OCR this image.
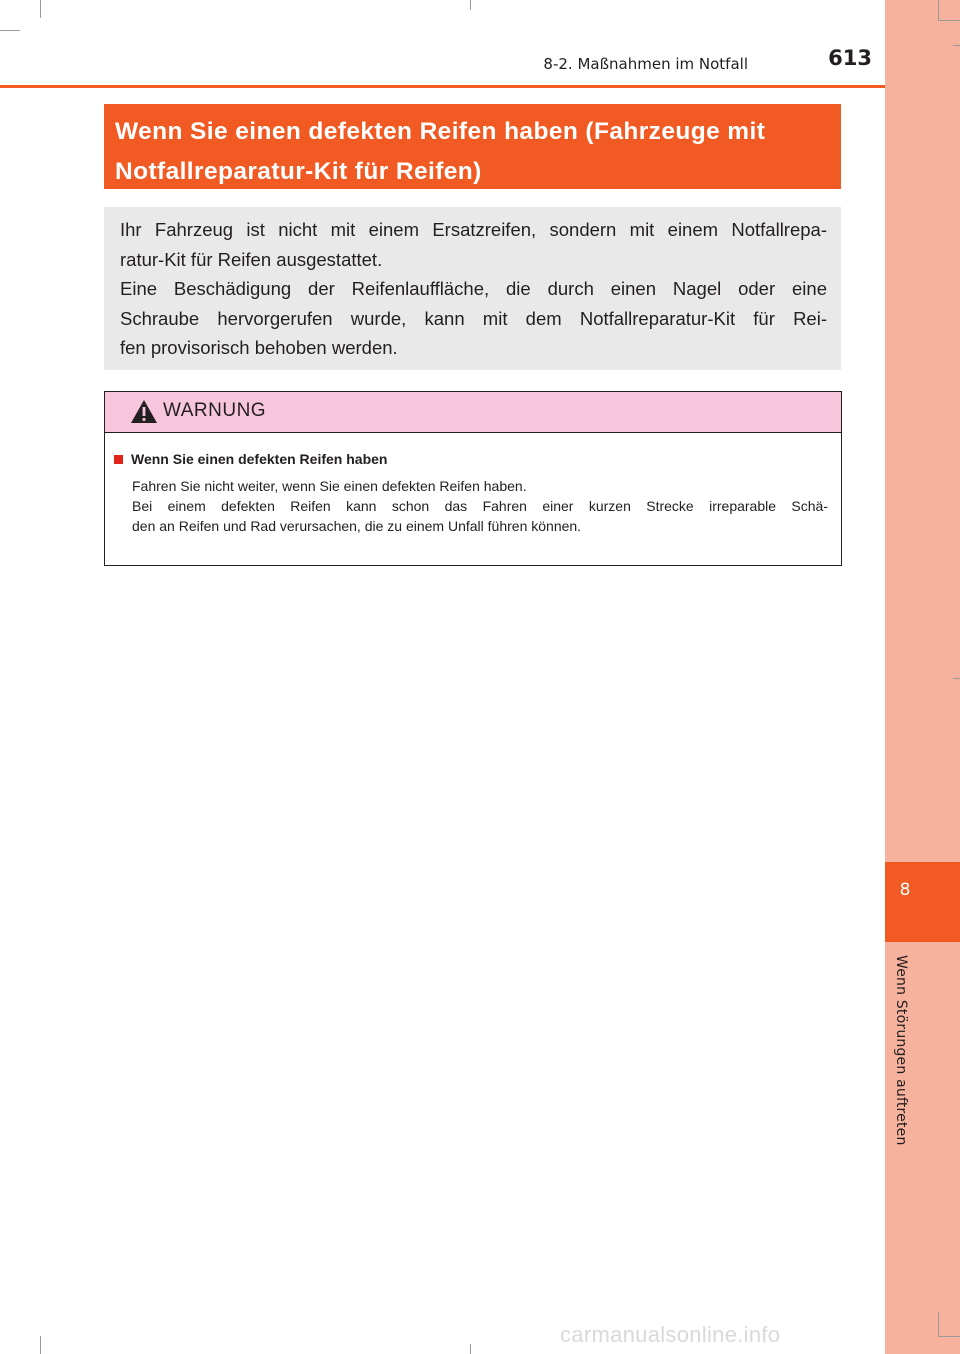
8
Wenn Störungen auftreten
8-2. Maßnahmen im Notfall	613
Wenn Sie einen defekten Reifen haben (Fahrzeuge mit
Notfallreparatur-Kit für Reifen)

Ihr Fahrzeug ist nicht mit einem Ersatzreifen, sondern mit einem Notfallrepa-
ratur-Kit für Reifen ausgestattet.
Eine Beschädigung der Reifenlauffläche, die durch einen Nagel oder eine
Schraube hervorgerufen wurde, kann mit dem Notfallreparatur-Kit für Rei-
fen provisorisch behoben werden.

WARNUNG
Wenn Sie einen defekten Reifen haben
Fahren Sie nicht weiter, wenn Sie einen defekten Reifen haben.
Bei einem defekten Reifen kann schon das Fahren einer kurzen Strecke irreparable Schä-
den an Reifen und Rad verursachen, die zu einem Unfall führen können.
carmanualsonline.info
